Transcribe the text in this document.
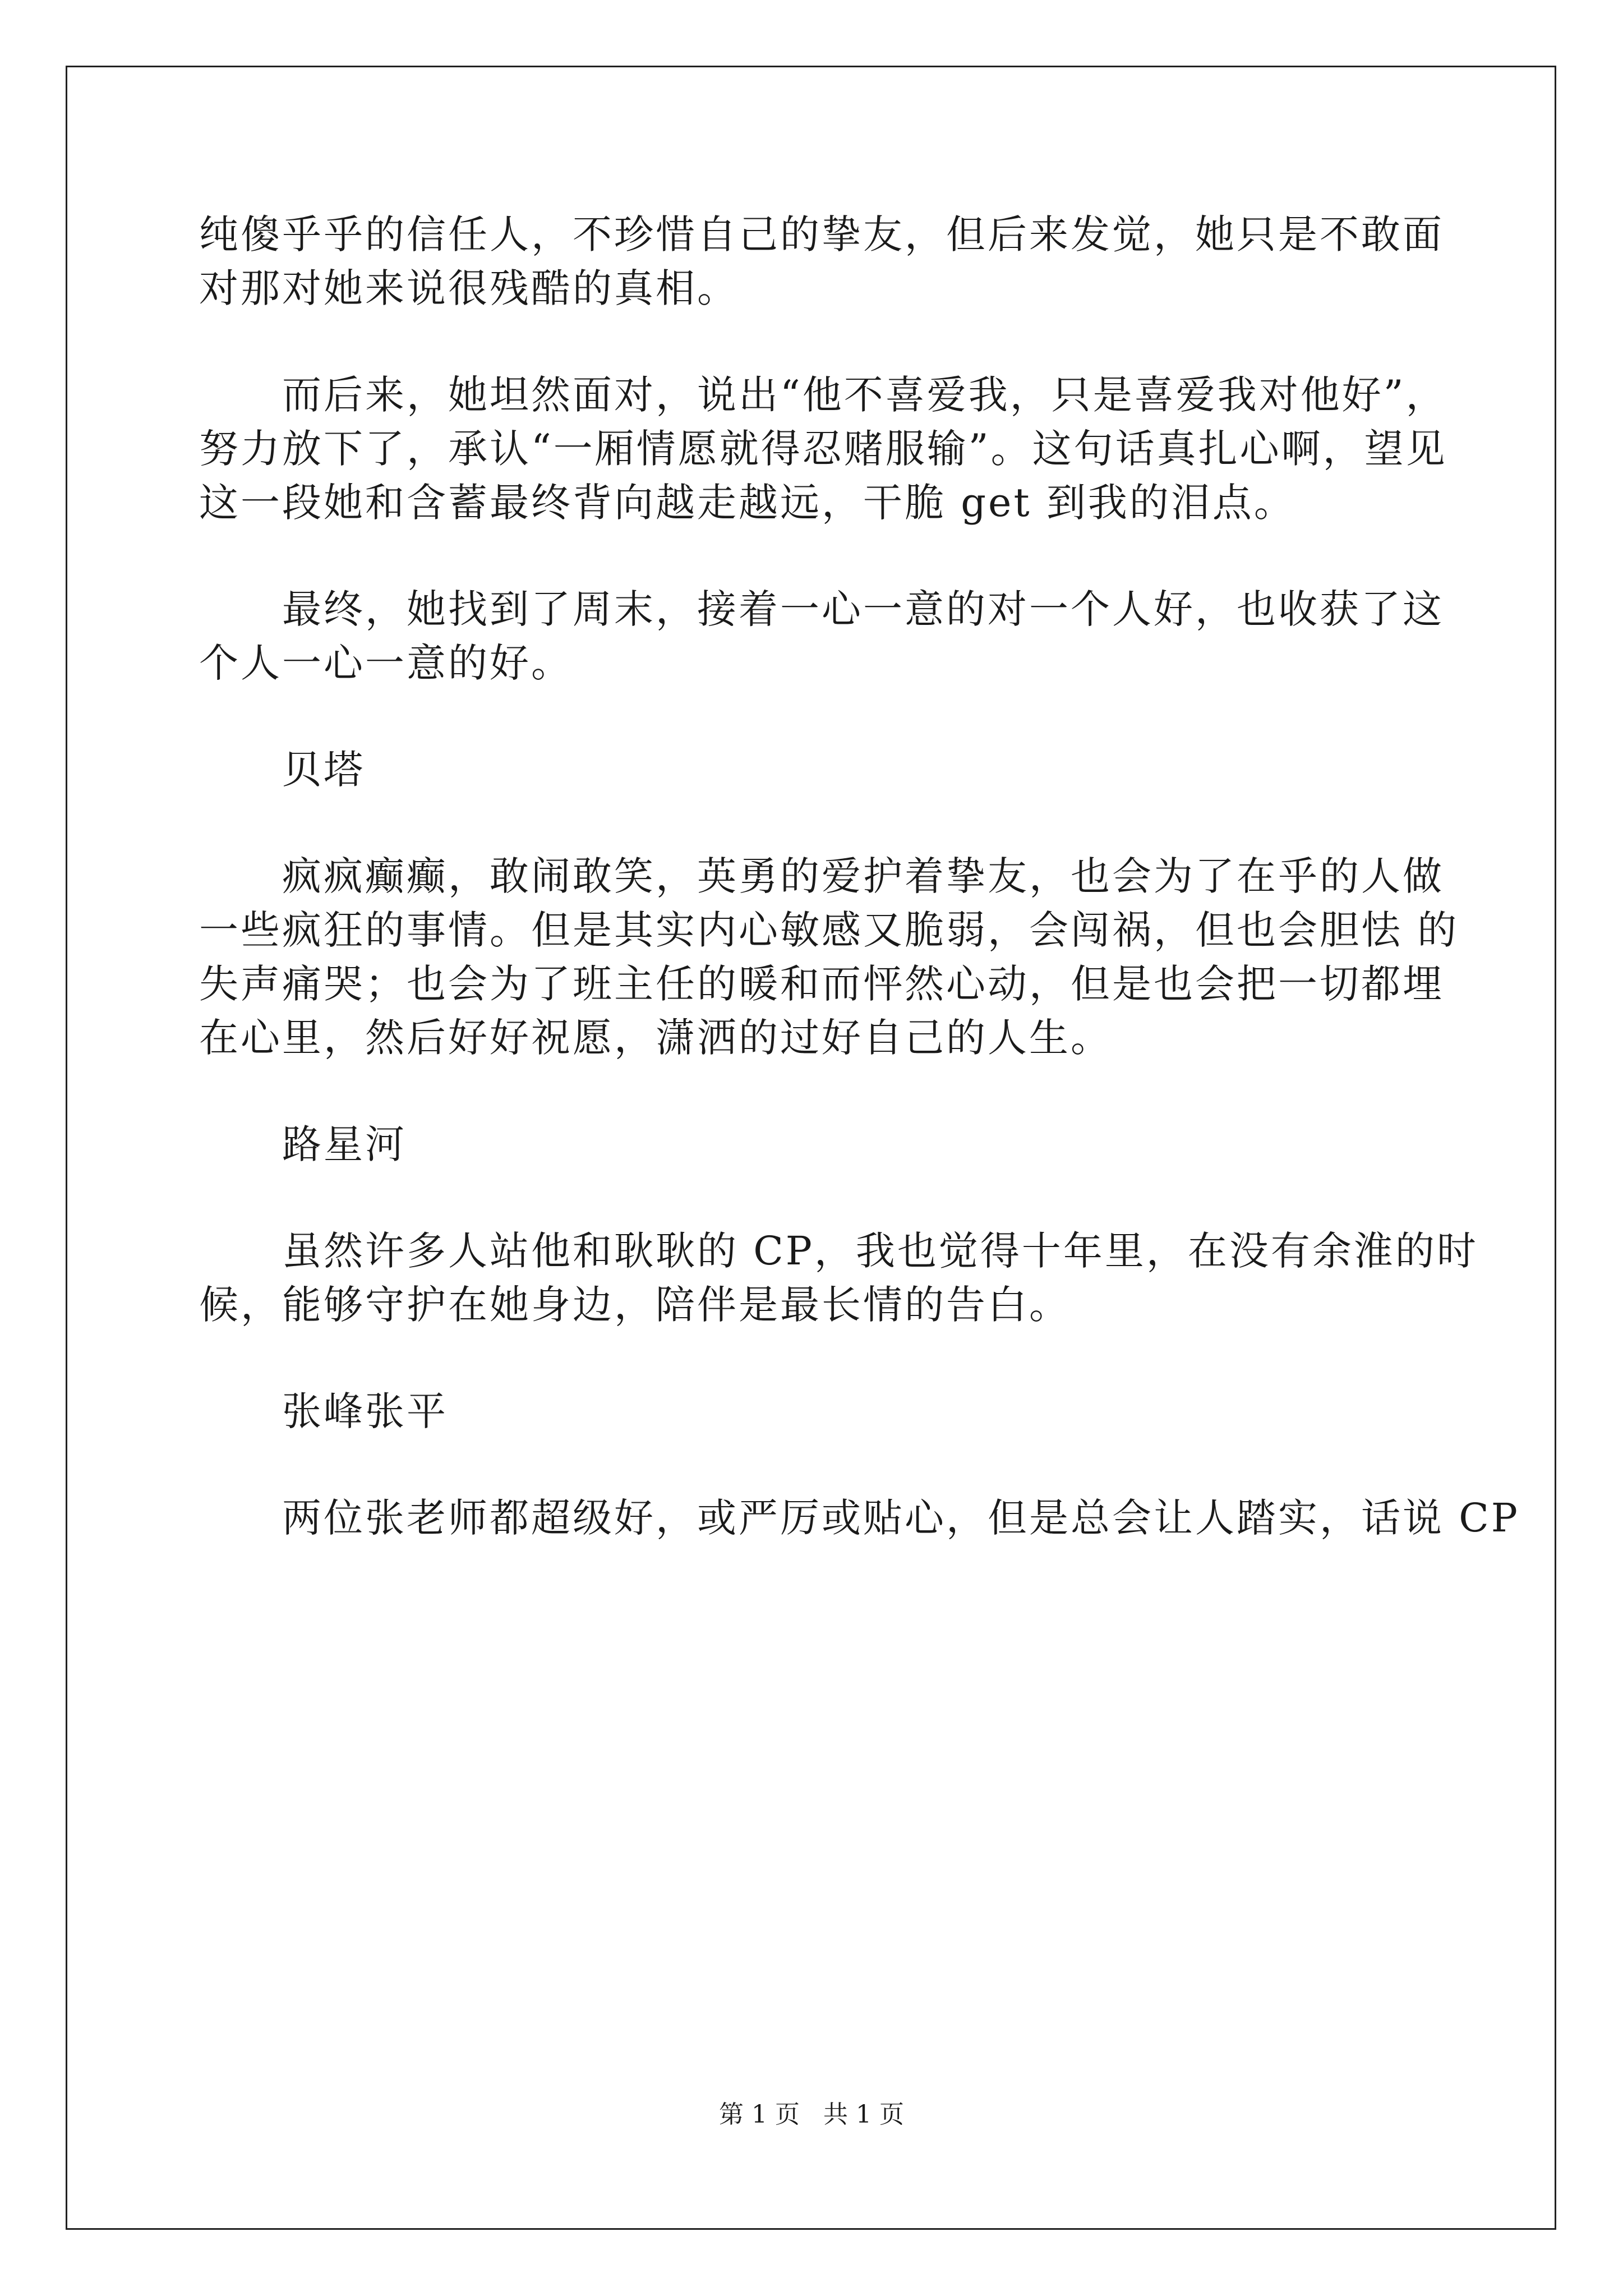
纯傻乎乎的信任人，不珍惜自己的挚友，但后来发觉，她只是不敢面
对那对她来说很残酷的真相。
而后来，她坦然面对，说出“他不喜爱我，只是喜爱我对他好”，
努力放下了，承认“一厢情愿就得忍赌服输”。这句话真扎心啊，望见
这一段她和含蓄最终背向越走越远，干脆 get 到我的泪点。
最终，她找到了周末，接着一心一意的对一个人好，也收获了这
个人一心一意的好。
贝塔
疯疯癫癫，敢闹敢笑，英勇的爱护着挚友，也会为了在乎的人做
一些疯狂的事情。但是其实内心敏感又脆弱，会闯祸，但也会胆怯 的
失声痛哭；也会为了班主任的暖和而怦然心动，但是也会把一切都埋
在心里，然后好好祝愿，潇洒的过好自己的人生。
路星河
虽然许多人站他和耿耿的 CP，我也觉得十年里，在没有余淮的时
候，能够守护在她身边，陪伴是最长情的告白。
张峰张平
两位张老师都超级好，或严厉或贴心，但是总会让人踏实，话说 CP
第 1 页   共 1 页
